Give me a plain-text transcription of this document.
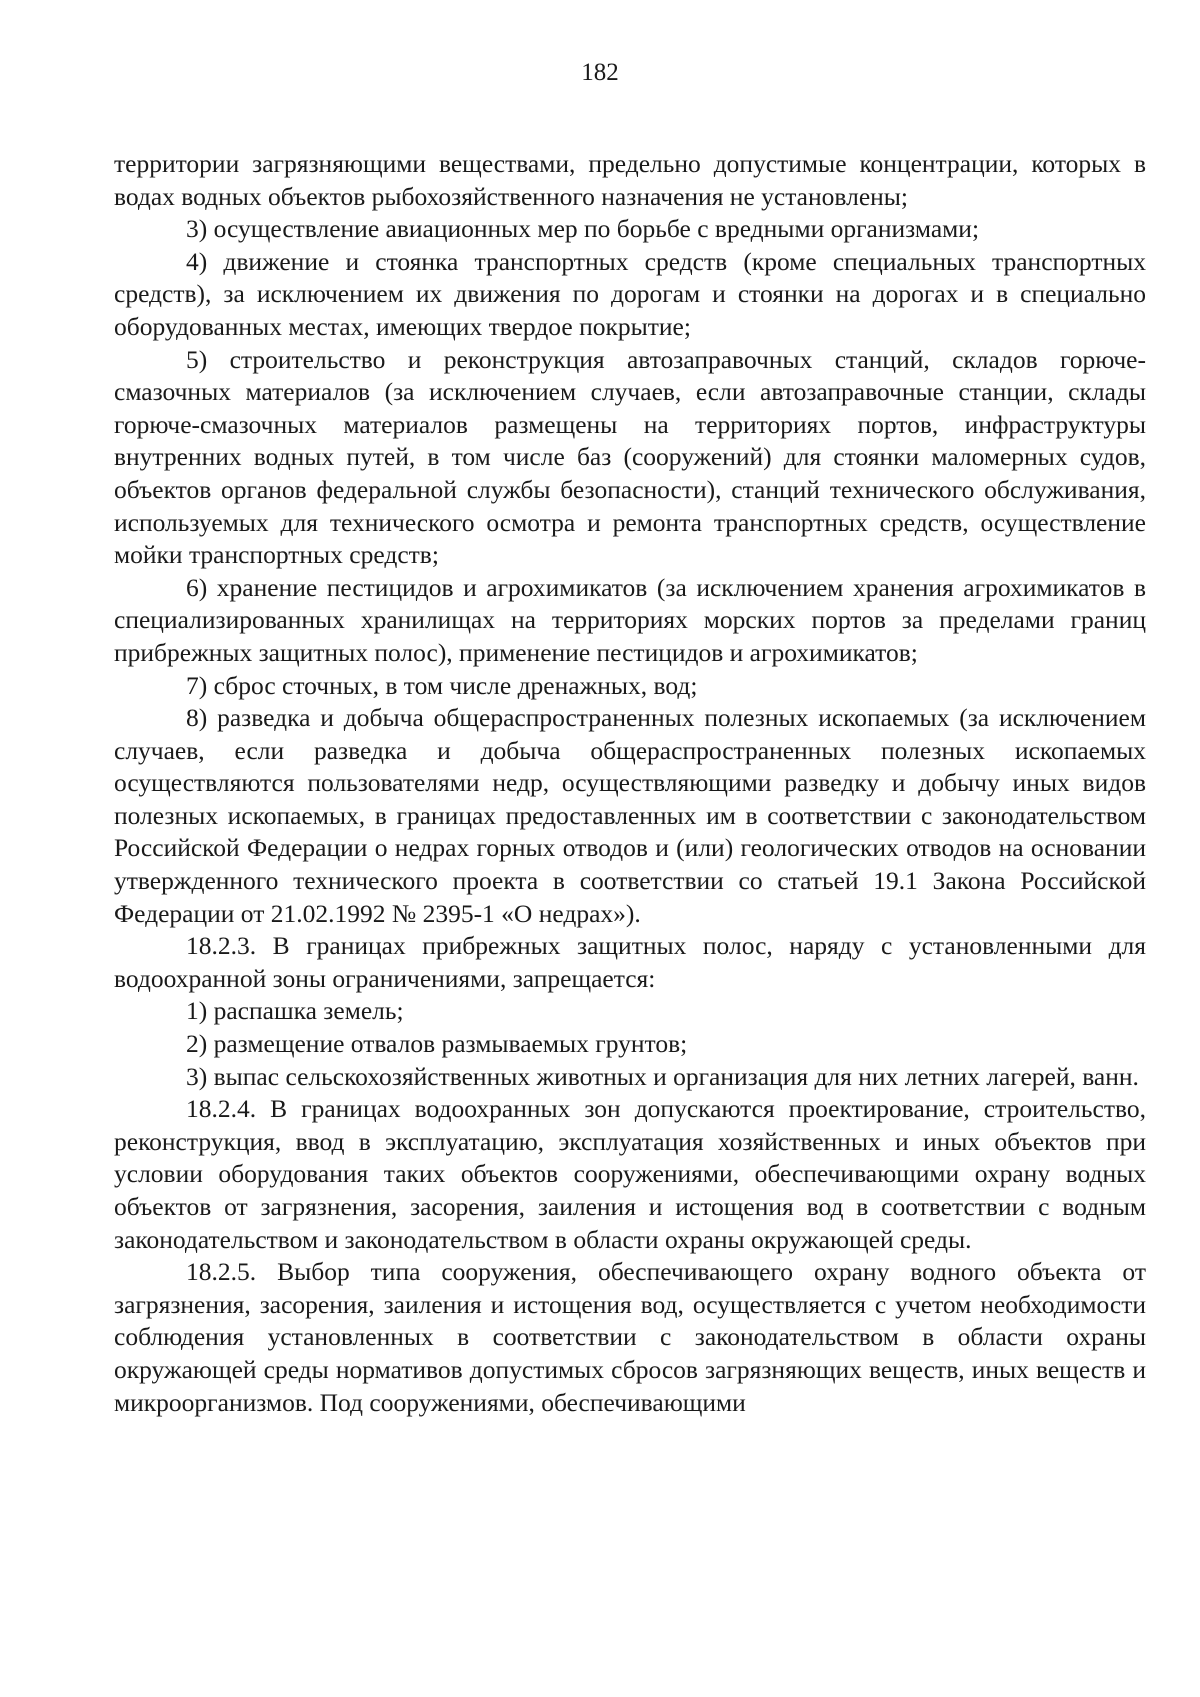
182

территории загрязняющими веществами, предельно допустимые концентрации, которых в водах водных объектов рыбохозяйственного назначения не установлены;

3) осуществление авиационных мер по борьбе с вредными организмами;

4) движение и стоянка транспортных средств (кроме специальных транспортных средств), за исключением их движения по дорогам и стоянки на дорогах и в специально оборудованных местах, имеющих твердое покрытие;

5) строительство и реконструкция автозаправочных станций, складов горюче-смазочных материалов (за исключением случаев, если автозаправочные станции, склады горюче-смазочных материалов размещены на территориях портов, инфраструктуры внутренних водных путей, в том числе баз (сооружений) для стоянки маломерных судов, объектов органов федеральной службы безопасности), станций технического обслуживания, используемых для технического осмотра и ремонта транспортных средств, осуществление мойки транспортных средств;

6) хранение пестицидов и агрохимикатов (за исключением хранения агрохимикатов в специализированных хранилищах на территориях морских портов за пределами границ прибрежных защитных полос), применение пестицидов и агрохимикатов;

7) сброс сточных, в том числе дренажных, вод;

8) разведка и добыча общераспространенных полезных ископаемых (за исключением случаев, если разведка и добыча общераспространенных полезных ископаемых осуществляются пользователями недр, осуществляющими разведку и добычу иных видов полезных ископаемых, в границах предоставленных им в соответствии с законодательством Российской Федерации о недрах горных отводов и (или) геологических отводов на основании утвержденного технического проекта в соответствии со статьей 19.1 Закона Российской Федерации от 21.02.1992 № 2395-1 «О недрах»).

18.2.3. В границах прибрежных защитных полос, наряду с установленными для водоохранной зоны ограничениями, запрещается:

1) распашка земель;

2) размещение отвалов размываемых грунтов;

3) выпас сельскохозяйственных животных и организация для них летних лагерей, ванн.

18.2.4. В границах водоохранных зон допускаются проектирование, строительство, реконструкция, ввод в эксплуатацию, эксплуатация хозяйственных и иных объектов при условии оборудования таких объектов сооружениями, обеспечивающими охрану водных объектов от загрязнения, засорения, заиления и истощения вод в соответствии с водным законодательством и законодательством в области охраны окружающей среды.

18.2.5. Выбор типа сооружения, обеспечивающего охрану водного объекта от загрязнения, засорения, заиления и истощения вод, осуществляется с учетом необходимости соблюдения установленных в соответствии с законодательством в области охраны окружающей среды нормативов допустимых сбросов загрязняющих веществ, иных веществ и микроорганизмов. Под сооружениями, обеспечивающими
